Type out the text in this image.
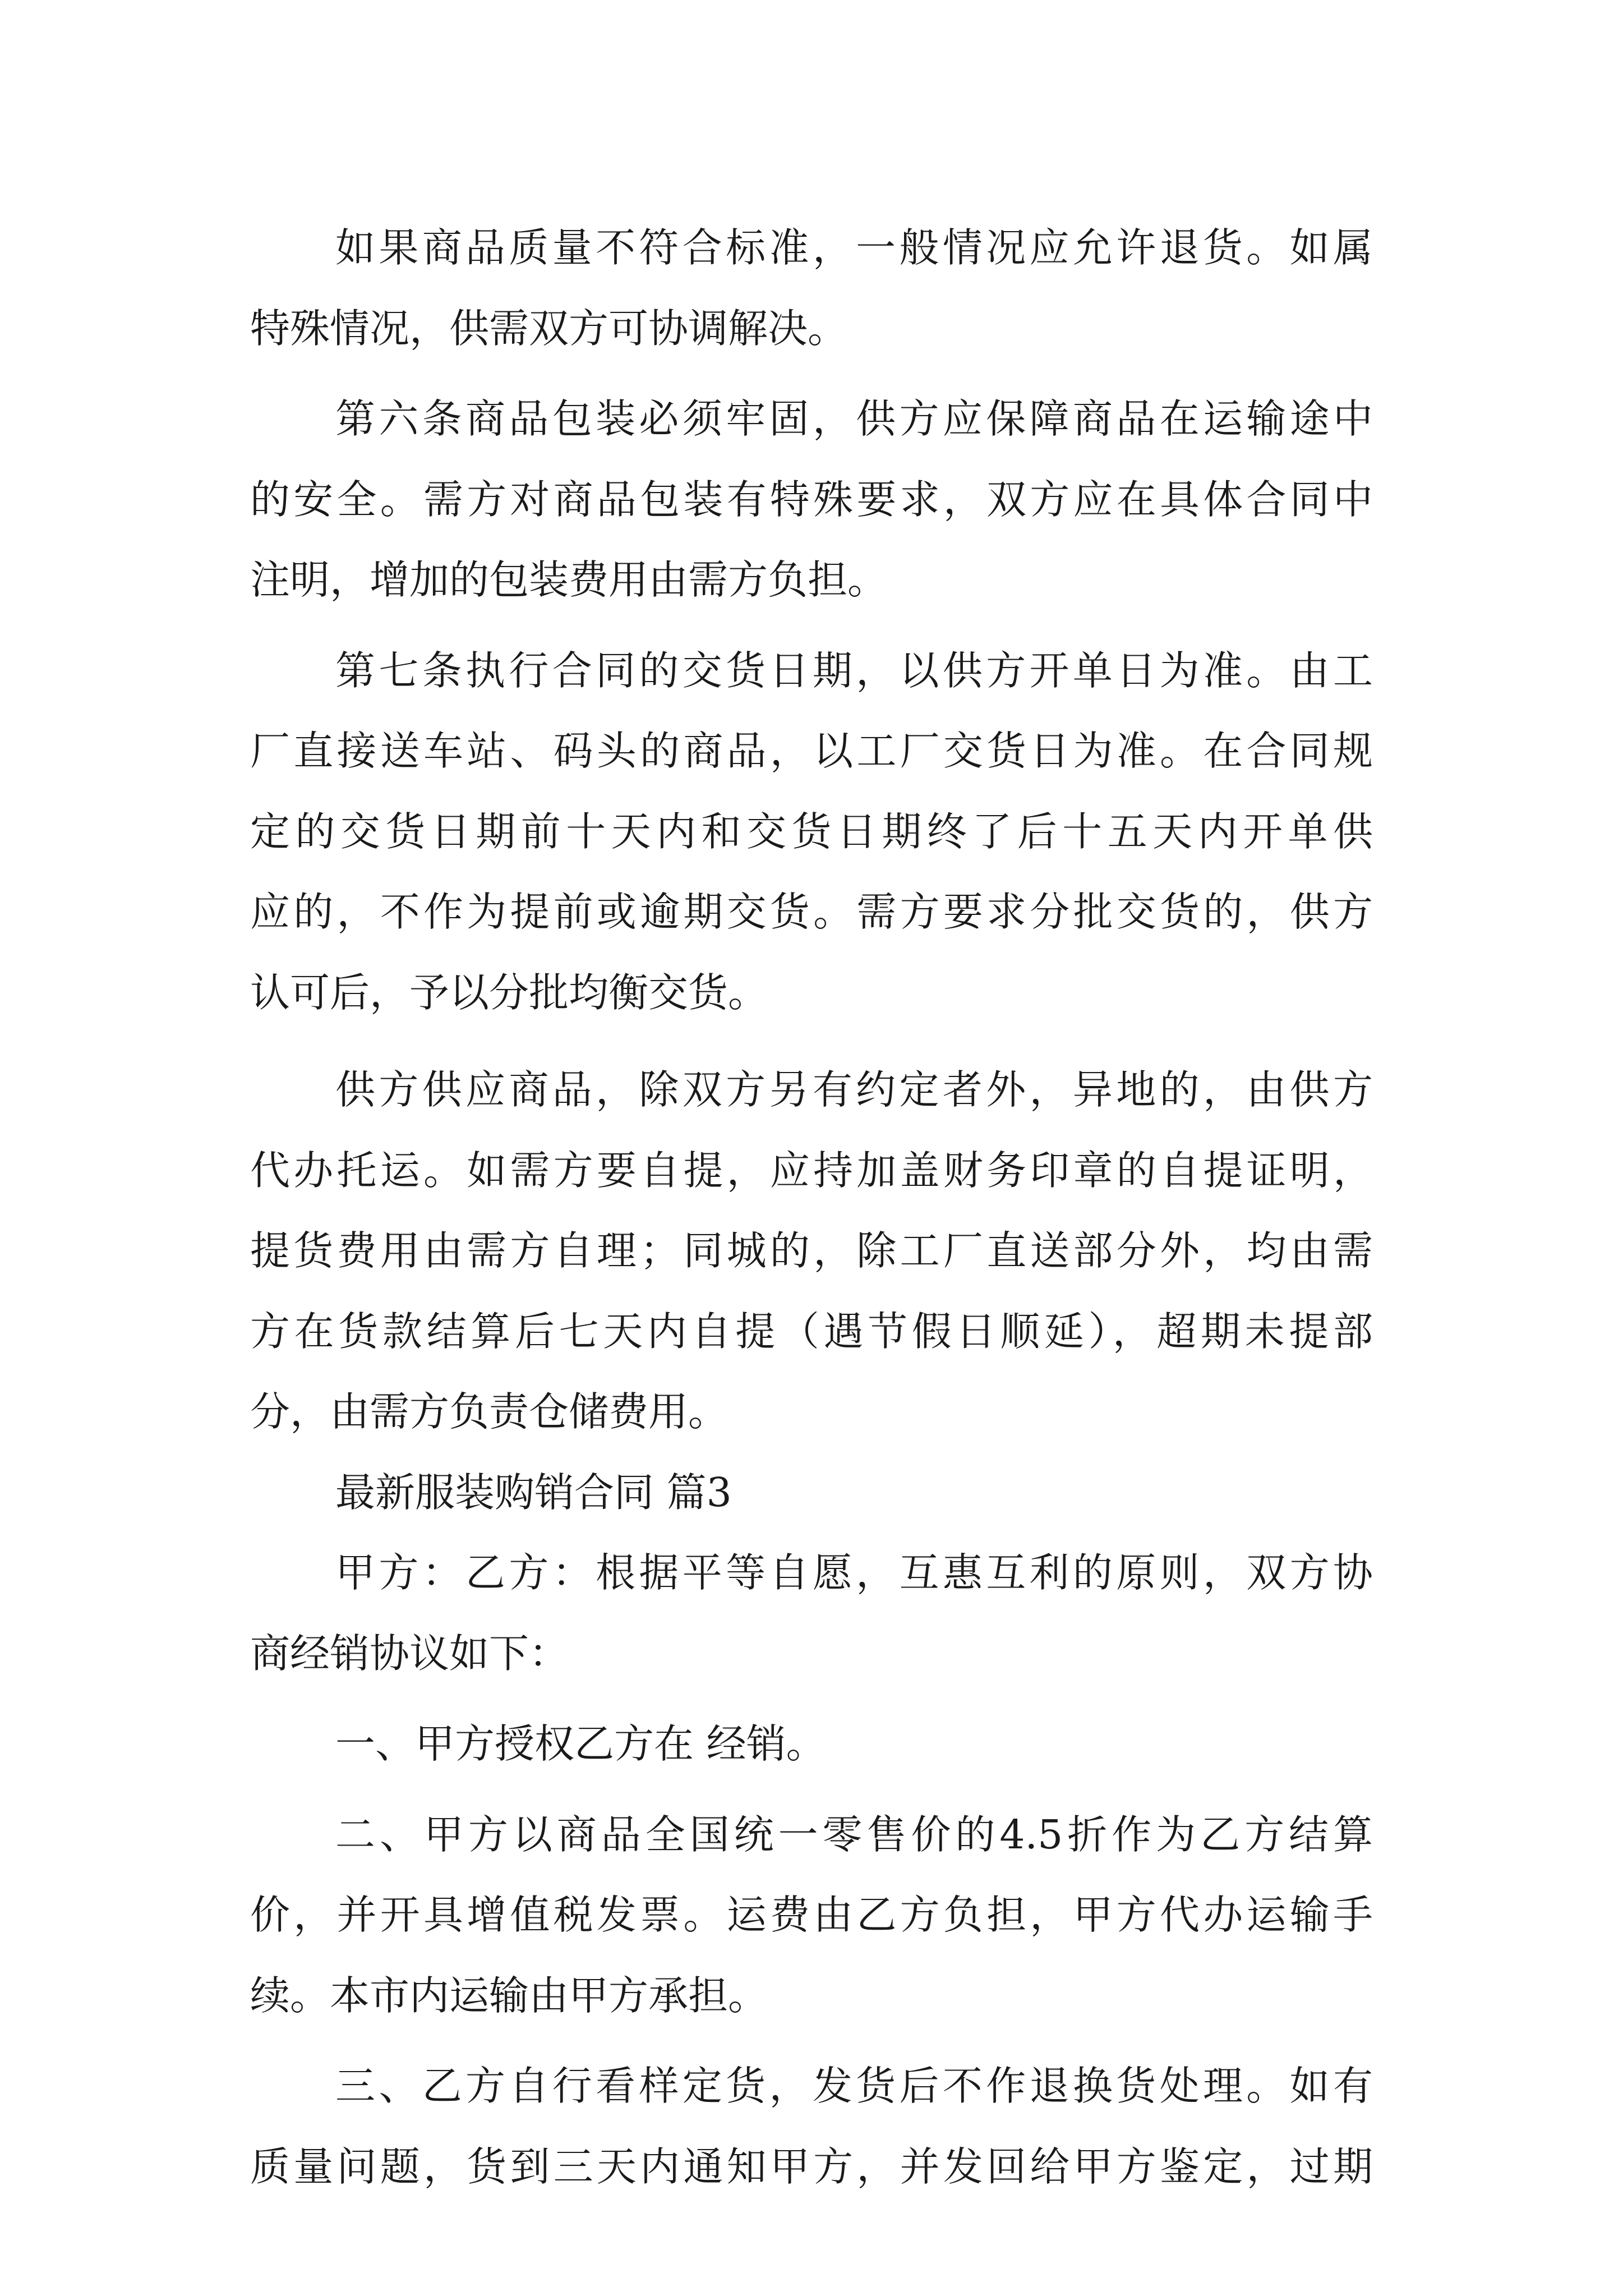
如果商品质量不符合标准，一般情况应允许退货。如属
特殊情况，供需双方可协调解决。
第六条商品包装必须牢固，供方应保障商品在运输途中
的安全。需方对商品包装有特殊要求，双方应在具体合同中
注明，增加的包装费用由需方负担。
第七条执行合同的交货日期，以供方开单日为准。由工
厂直接送车站、码头的商品，以工厂交货日为准。在合同规
定的交货日期前十天内和交货日期终了后十五天内开单供
应的，不作为提前或逾期交货。需方要求分批交货的，供方
认可后，予以分批均衡交货。
供方供应商品，除双方另有约定者外，异地的，由供方
代办托运。如需方要自提，应持加盖财务印章的自提证明，
提货费用由需方自理；同城的，除工厂直送部分外，均由需
方在货款结算后七天内自提（遇节假日顺延），超期未提部
分，由需方负责仓储费用。
最新服装购销合同 篇3
甲方：乙方：根据平等自愿，互惠互利的原则，双方协
商经销协议如下：
一、甲方授权乙方在 经销。
二、甲方以商品全国统一零售价的4.5折作为乙方结算
价，并开具增值税发票。运费由乙方负担，甲方代办运输手
续。本市内运输由甲方承担。
三、乙方自行看样定货，发货后不作退换货处理。如有
质量问题，货到三天内通知甲方，并发回给甲方鉴定，过期
